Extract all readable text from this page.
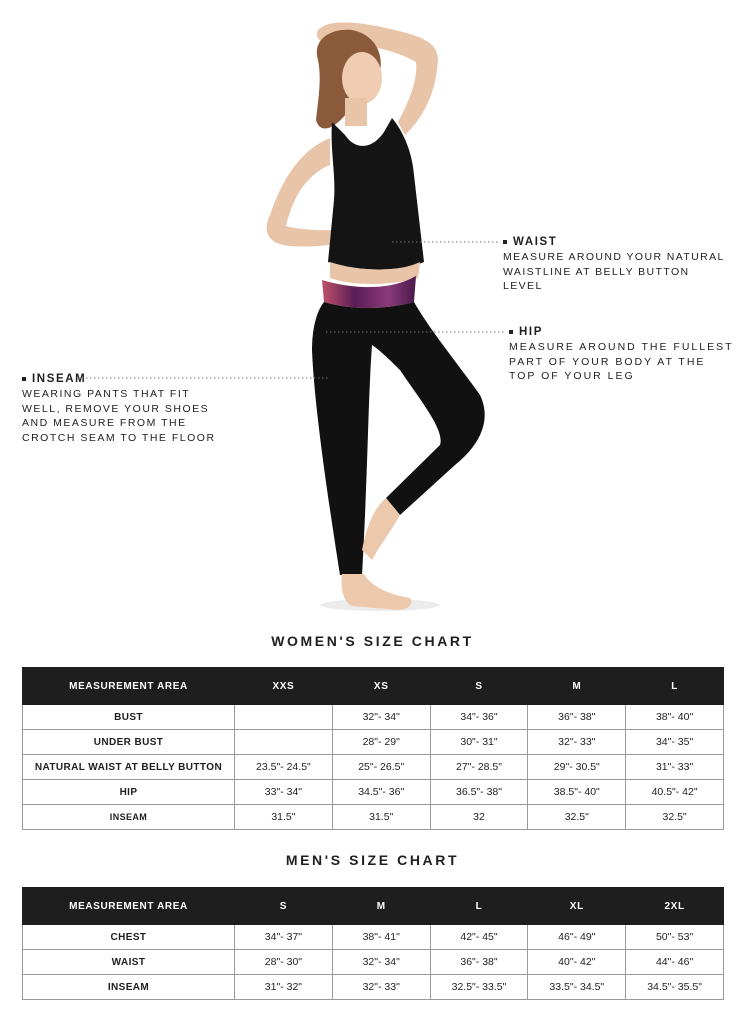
WAIST
MEASURE AROUND YOUR NATURAL WAISTLINE AT BELLY BUTTON LEVEL
HIP
MEASURE AROUND THE FULLEST PART OF YOUR BODY AT THE TOP OF YOUR LEG
INSEAM
WEARING PANTS THAT FIT WELL, REMOVE YOUR SHOES AND MEASURE FROM THE CROTCH SEAM TO THE FLOOR
WOMEN'S SIZE CHART
MEASUREMENT AREA	XXS	XS	S	M	L
BUST		32"- 34"	34"- 36"	36"- 38"	38"- 40"
UNDER BUST		28"- 29"	30"- 31"	32"- 33"	34"- 35"
NATURAL WAIST AT BELLY BUTTON	23.5"- 24.5"	25"- 26.5"	27"- 28.5"	29"- 30.5"	31"- 33"
HIP	33"- 34"	34.5"- 36"	36.5"- 38"	38.5"- 40"	40.5"- 42"
INSEAM	31.5"	31.5"	32	32.5"	32.5"
MEN'S SIZE CHART
MEASUREMENT AREA	S	M	L	XL	2XL
CHEST	34"- 37"	38"- 41"	42"- 45"	46"- 49"	50"- 53"
WAIST	28"- 30"	32"- 34"	36"- 38"	40"- 42"	44"- 46"
INSEAM	31"- 32"	32"- 33"	32.5"- 33.5"	33.5"- 34.5"	34.5"- 35.5"
